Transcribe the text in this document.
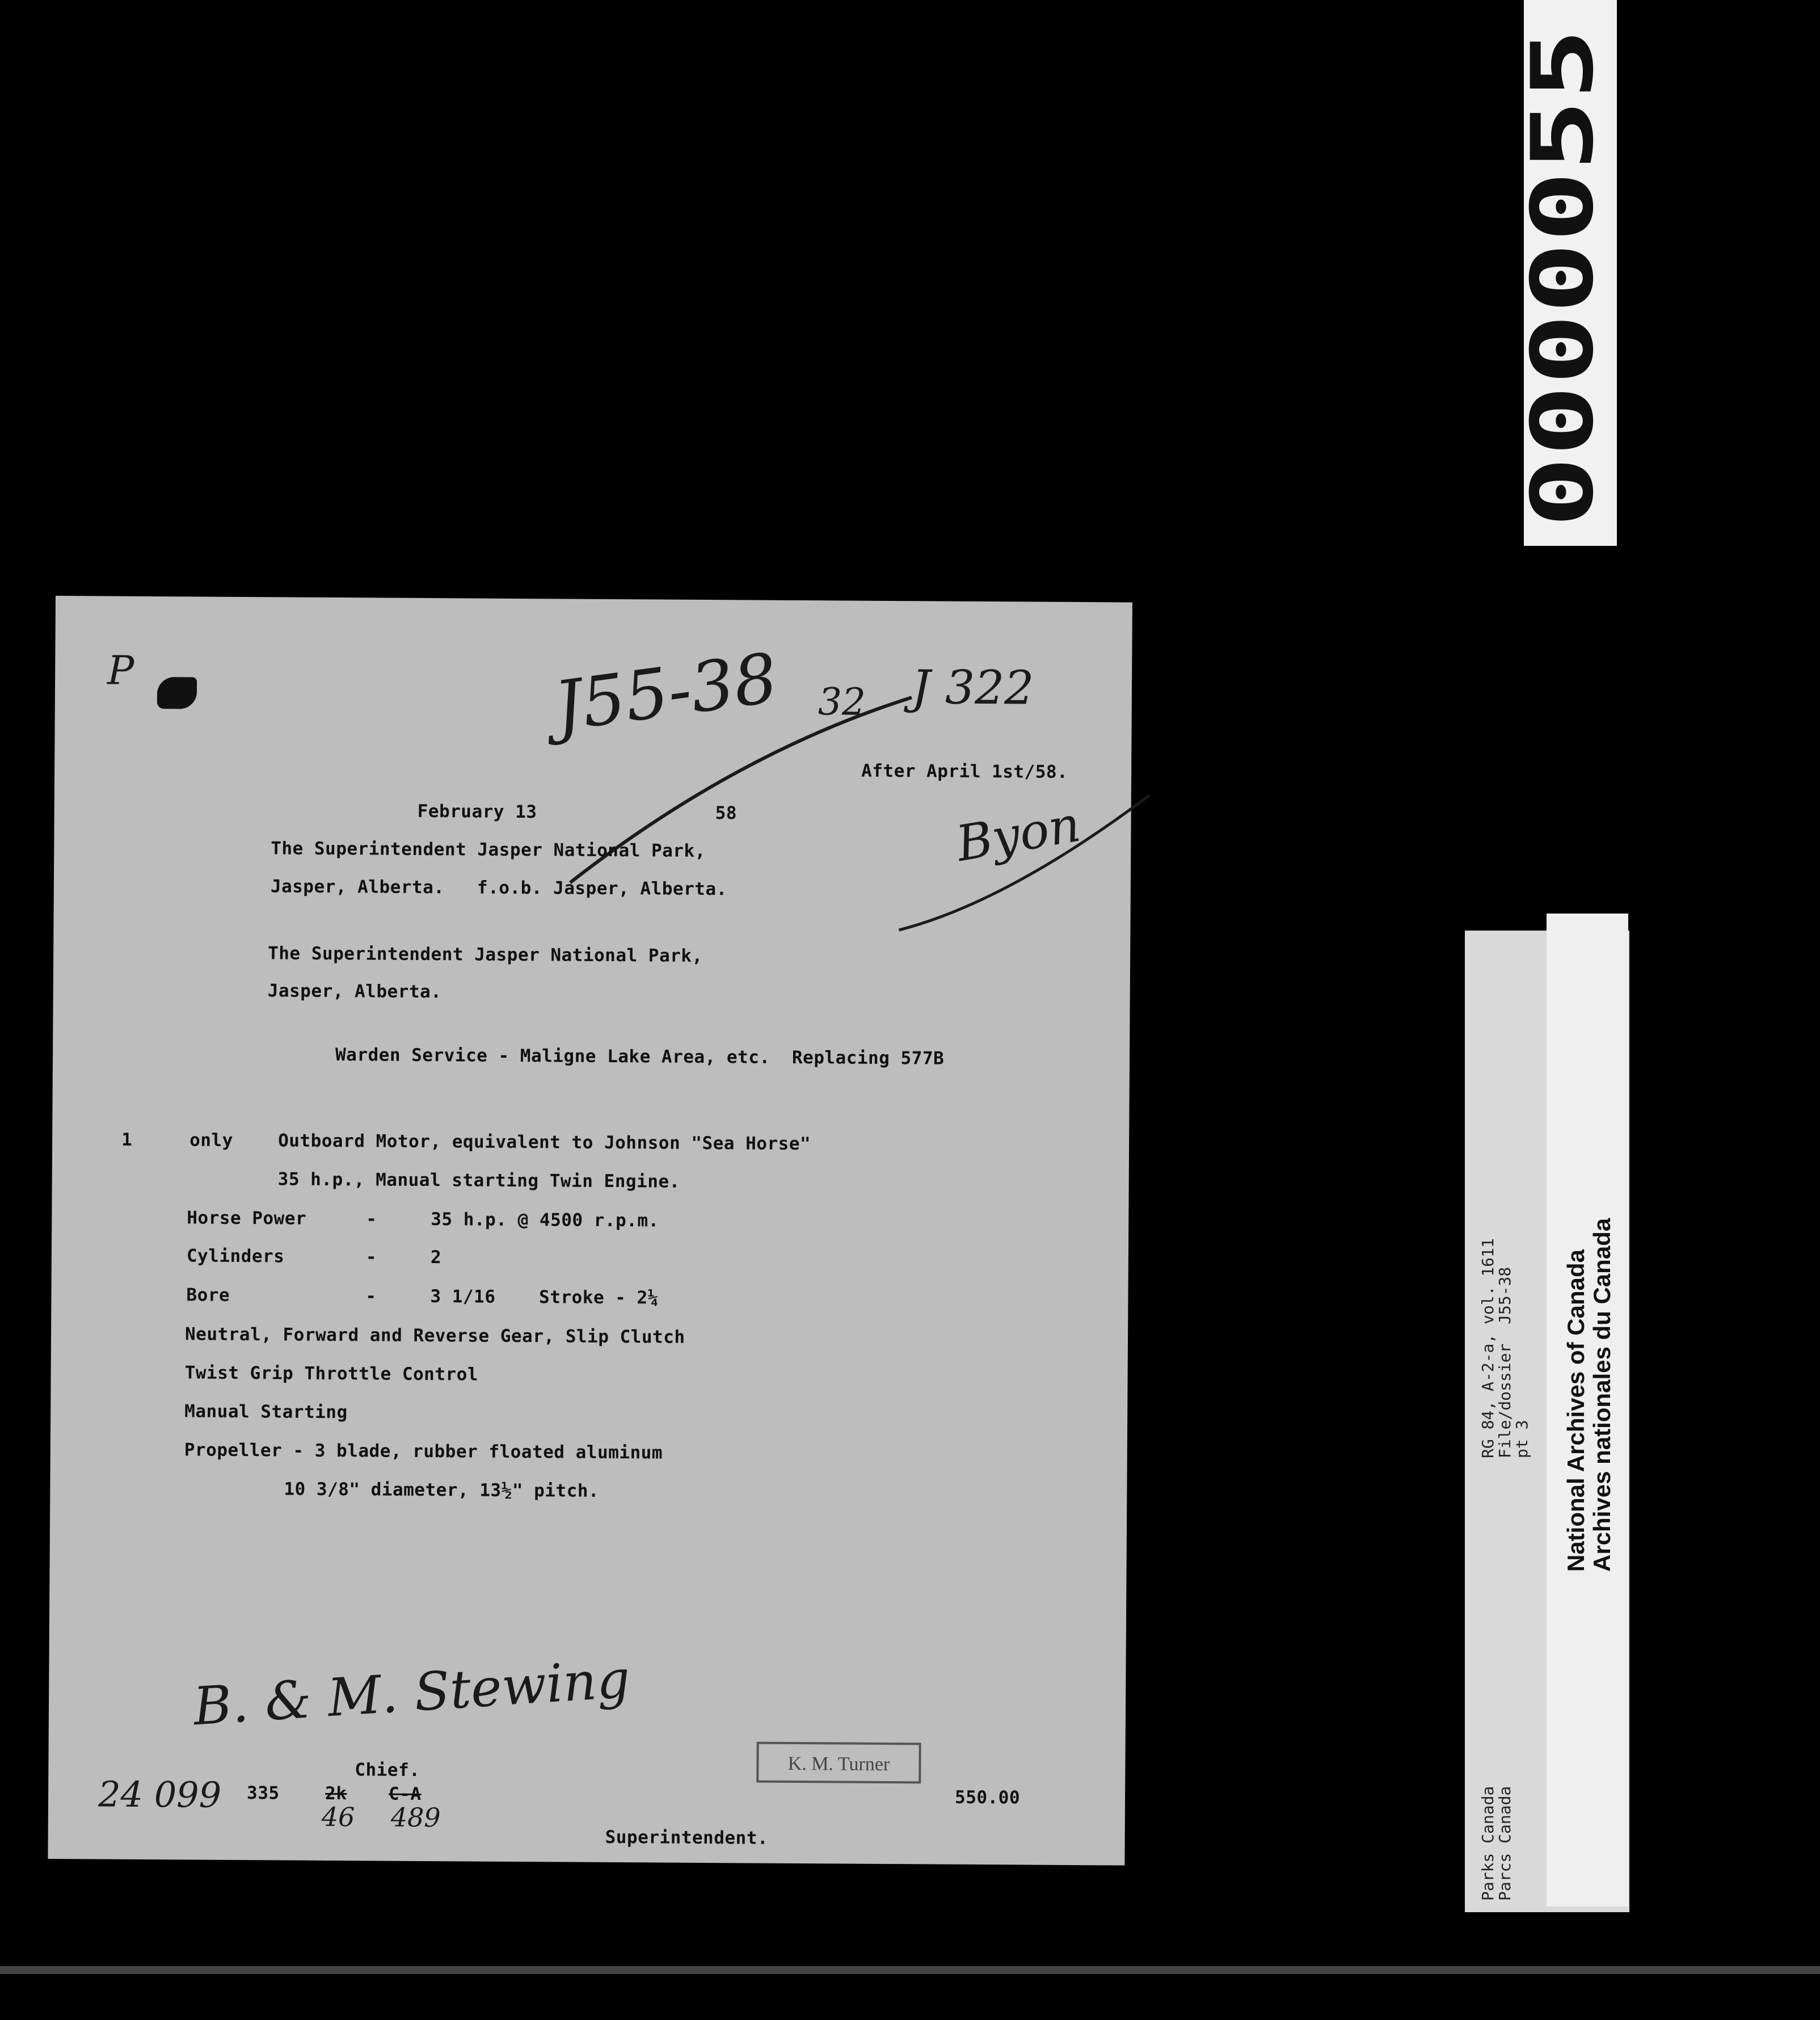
0000055
P	J55-38 32 J 322
After April 1st/58.
Byon
February 13	58
The Superintendent Jasper National Park,
Jasper, Alberta.   f.o.b. Jasper, Alberta.
The Superintendent Jasper National Park,
Jasper, Alberta.
Warden Service - Maligne Lake Area, etc.  Replacing 577B
1	only	Outboard Motor, equivalent to Johnson "Sea Horse"
35 h.p., Manual starting Twin Engine.
Horse Power	-	35 h.p. @ 4500 r.p.m.
Cylinders	-	2
Bore	-	3 1/16    Stroke - 2¼
Neutral, Forward and Reverse Gear, Slip Clutch
Twist Grip Throttle Control
Manual Starting
Propeller - 3 blade, rubber floated aluminum
10 3/8" diameter, 13½" pitch.
B. & M. Stewing
K. M. Turner
Chief.
24 099 335	2k
46
C-A
489
550.00
Superintendent.
RG 84, A-2-a, vol. 1611
File/dossier  J55-38
pt 3
Parks Canada
Parcs Canada
National Archives of Canada Archives nationales du Canada
